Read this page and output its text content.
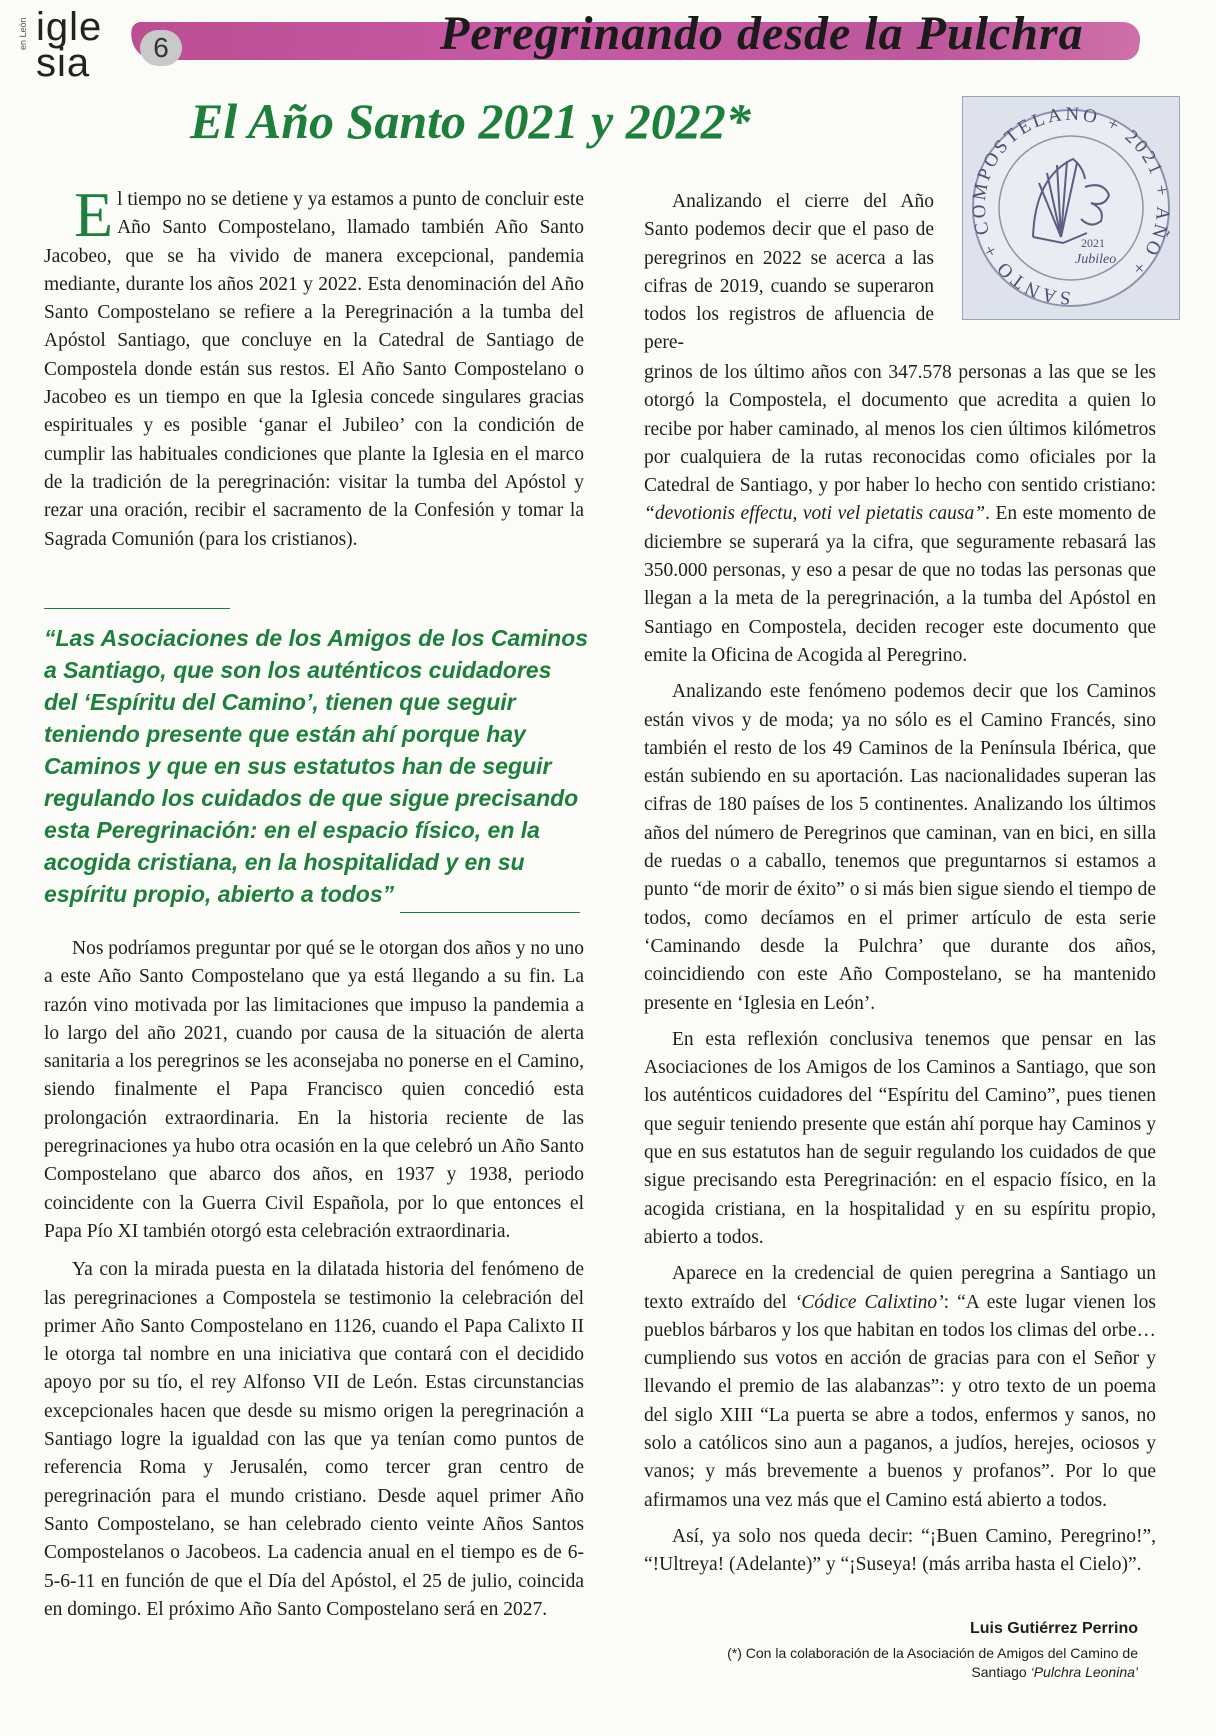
igle
sia
en León	6	Peregrinando desde la Pulchra
El Año Santo 2021 y 2022*
SANTO + COMPOSTELANO + 2021 + AÑO +
2021
Jubileo

El tiempo no se detiene y ya estamos a punto de concluir este Año Santo Compostelano, llamado también Año Santo Jacobeo, que se ha vivido de manera excepcional, pandemia mediante, durante los años 2021 y 2022. Esta denominación del Año Santo Compostelano se refiere a la Peregrinación a la tumba del Apóstol Santiago, que concluye en la Catedral de Santiago de Compostela donde están sus restos. El Año Santo Compostelano o Jacobeo es un tiempo en que la Iglesia concede singulares gracias espirituales y es posible ‘ganar el Jubileo’ con la condición de cumplir las habituales condiciones que plante la Iglesia en el marco de la tradición de la peregrinación: visitar la tumba del Apóstol y rezar una oración, recibir el sacramento de la Confesión y tomar la Sagrada Comunión (para los cristianos).

“Las Asociaciones de los Amigos de los Caminos a Santiago, que son los auténticos cuidadores del ‘Espíritu del Camino’, tienen que seguir teniendo presente que están ahí porque hay Caminos y que en sus estatutos han de seguir regulando los cuidados de que sigue precisando esta Peregrinación: en el espacio físico, en la acogida cristiana, en la hospitalidad y en su espíritu propio, abierto a todos”

Nos podríamos preguntar por qué se le otorgan dos años y no uno a este Año Santo Compostelano que ya está llegando a su fin. La razón vino motivada por las limitaciones que impuso la pandemia a lo largo del año 2021, cuando por causa de la situación de alerta sanitaria a los peregrinos se les aconsejaba no ponerse en el Camino, siendo finalmente el Papa Francisco quien concedió esta prolongación extraordinaria. En la historia reciente de las peregrinaciones ya hubo otra ocasión en la que celebró un Año Santo Compostelano que abarco dos años, en 1937 y 1938, periodo coincidente con la Guerra Civil Española, por lo que entonces el Papa Pío XI también otorgó esta celebración extraordinaria.

Ya con la mirada puesta en la dilatada historia del fenómeno de las peregrinaciones a Compostela se testimonio la celebración del primer Año Santo Compostelano en 1126, cuando el Papa Calixto II le otorga tal nombre en una iniciativa que contará con el decidido apoyo por su tío, el rey Alfonso VII de León. Estas circunstancias excepcionales hacen que desde su mismo origen la peregrinación a Santiago logre la igualdad con las que ya tenían como puntos de referencia Roma y Jerusalén, como tercer gran centro de peregrinación para el mundo cristiano. Desde aquel primer Año Santo Compostelano, se han celebrado ciento veinte Años Santos Compostelanos o Jacobeos. La cadencia anual en el tiempo es de 6-5-6-11 en función de que el Día del Apóstol, el 25 de julio, coincida en domingo. El próximo Año Santo Compostelano será en 2027.

Analizando el cierre del Año Santo podemos decir que el paso de peregrinos en 2022 se acerca a las cifras de 2019, cuando se superaron todos los registros de afluencia de pere-

grinos de los último años con 347.578 personas a las que se les otorgó la Compostela, el documento que acredita a quien lo recibe por haber caminado, al menos los cien últimos kilómetros por cualquiera de la rutas reconocidas como oficiales por la Catedral de Santiago, y por haber lo hecho con sentido cristiano: “devotionis effectu, voti vel pietatis causa”. En este momento de diciembre se superará ya la cifra, que seguramente rebasará las 350.000 personas, y eso a pesar de que no todas las personas que llegan a la meta de la peregrinación, a la tumba del Apóstol en Santiago en Compostela, deciden recoger este documento que emite la Oficina de Acogida al Peregrino.

Analizando este fenómeno podemos decir que los Caminos están vivos y de moda; ya no sólo es el Camino Francés, sino también el resto de los 49 Caminos de la Península Ibérica, que están subiendo en su aportación. Las nacionalidades superan las cifras de 180 países de los 5 continentes. Analizando los últimos años del número de Peregrinos que caminan, van en bici, en silla de ruedas o a caballo, tenemos que preguntarnos si estamos a punto “de morir de éxito” o si más bien sigue siendo el tiempo de todos, como decíamos en el primer artículo de esta serie ‘Caminando desde la Pulchra’ que durante dos años, coincidiendo con este Año Compostelano, se ha mantenido presente en ‘Iglesia en León’.

En esta reflexión conclusiva tenemos que pensar en las Asociaciones de los Amigos de los Caminos a Santiago, que son los auténticos cuidadores del “Espíritu del Camino”, pues tienen que seguir teniendo presente que están ahí porque hay Caminos y que en sus estatutos han de seguir regulando los cuidados de que sigue precisando esta Peregrinación: en el espacio físico, en la acogida cristiana, en la hospitalidad y en su espíritu propio, abierto a todos.

Aparece en la credencial de quien peregrina a Santiago un texto extraído del ‘Códice Calixtino’: “A este lugar vienen los pueblos bárbaros y los que habitan en todos los climas del orbe… cumpliendo sus votos en acción de gracias para con el Señor y llevando el premio de las alabanzas”: y otro texto de un poema del siglo XIII “La puerta se abre a todos, enfermos y sanos, no solo a católicos sino aun a paganos, a judíos, herejes, ociosos y vanos; y más brevemente a buenos y profanos”. Por lo que afirmamos una vez más que el Camino está abierto a todos.

Así, ya solo nos queda decir: “¡Buen Camino, Peregrino!”, “!Ultreya! (Adelante)” y “¡Suseya! (más arriba hasta el Cielo)”.

Luis Gutiérrez Perrino
(*) Con la colaboración de la Asociación de Amigos del Camino de Santiago ‘Pulchra Leonina’
